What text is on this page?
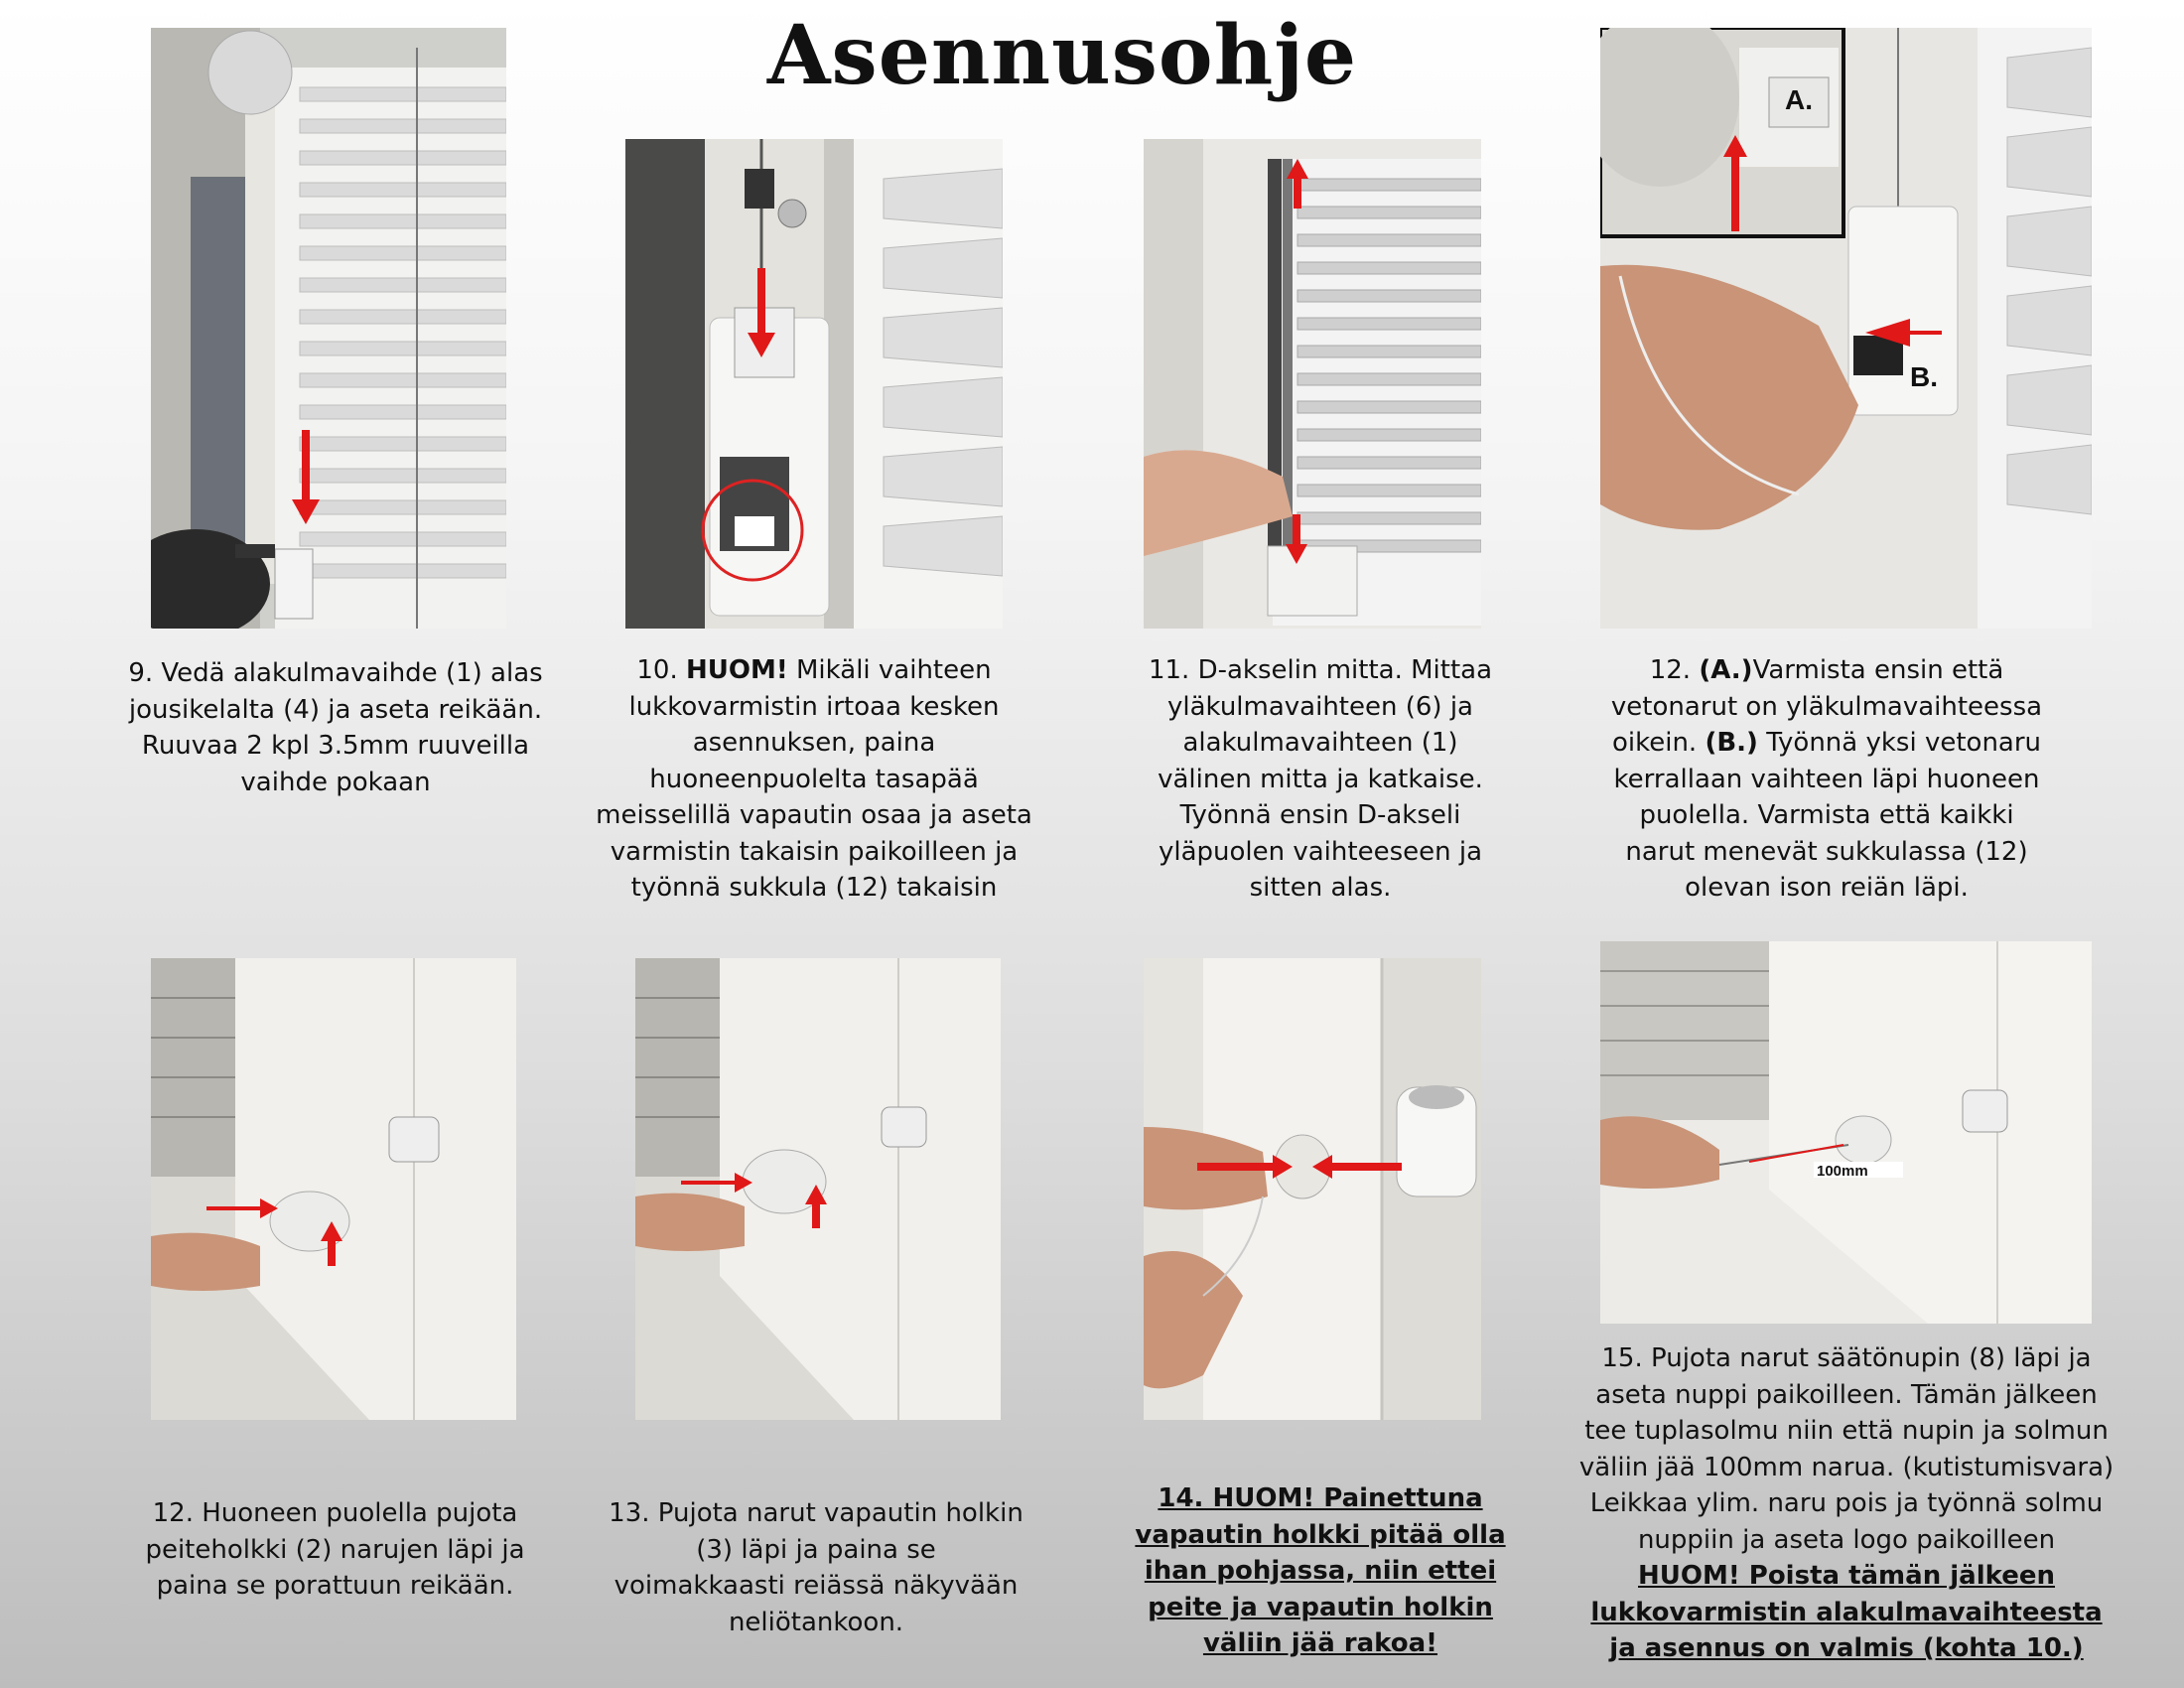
Asennusohje	A.
B.
100mm
9. Vedä alakulmavaihde (1) alas jousikelalta (4) ja aseta reikään. Ruuvaa 2 kpl 3.5mm ruuveilla vaihde pokaan
10. HUOM! Mikäli vaihteen lukkovarmistin irtoaa kesken asennuksen, paina huoneenpuolelta tasapää meisselillä vapautin osaa ja aseta varmistin takaisin paikoilleen ja työnnä sukkula (12) takaisin
11. D-akselin mitta. Mittaa yläkulmavaihteen (6) ja alakulmavaihteen (1) välinen mitta ja katkaise. Työnnä ensin D-akseli yläpuolen vaihteeseen ja sitten alas.
12. (A.)Varmista ensin että vetonarut on yläkulmavaihteessa oikein. (B.) Työnnä yksi vetonaru kerrallaan vaihteen läpi huoneen puolella. Varmista että kaikki narut menevät sukkulassa (12) olevan ison reiän läpi.
12. Huoneen puolella pujota peiteholkki (2) narujen läpi ja paina se porattuun reikään.
13. Pujota narut vapautin holkin (3) läpi ja paina se voimakkaasti reiässä näkyvään neliötankoon.
14. HUOM! Painettuna vapautin holkki pitää olla ihan pohjassa, niin ettei peite ja vapautin holkin väliin jää rakoa!
15. Pujota narut säätönupin (8) läpi ja aseta nuppi paikoilleen. Tämän jälkeen tee tuplasolmu niin että nupin ja solmun väliin jää 100mm narua. (kutistumisvara) Leikkaa ylim. naru pois ja työnnä solmu nuppiin ja aseta logo paikoilleen
HUOM! Poista tämän jälkeen lukkovarmistin alakulmavaihteesta ja asennus on valmis (kohta 10.)
